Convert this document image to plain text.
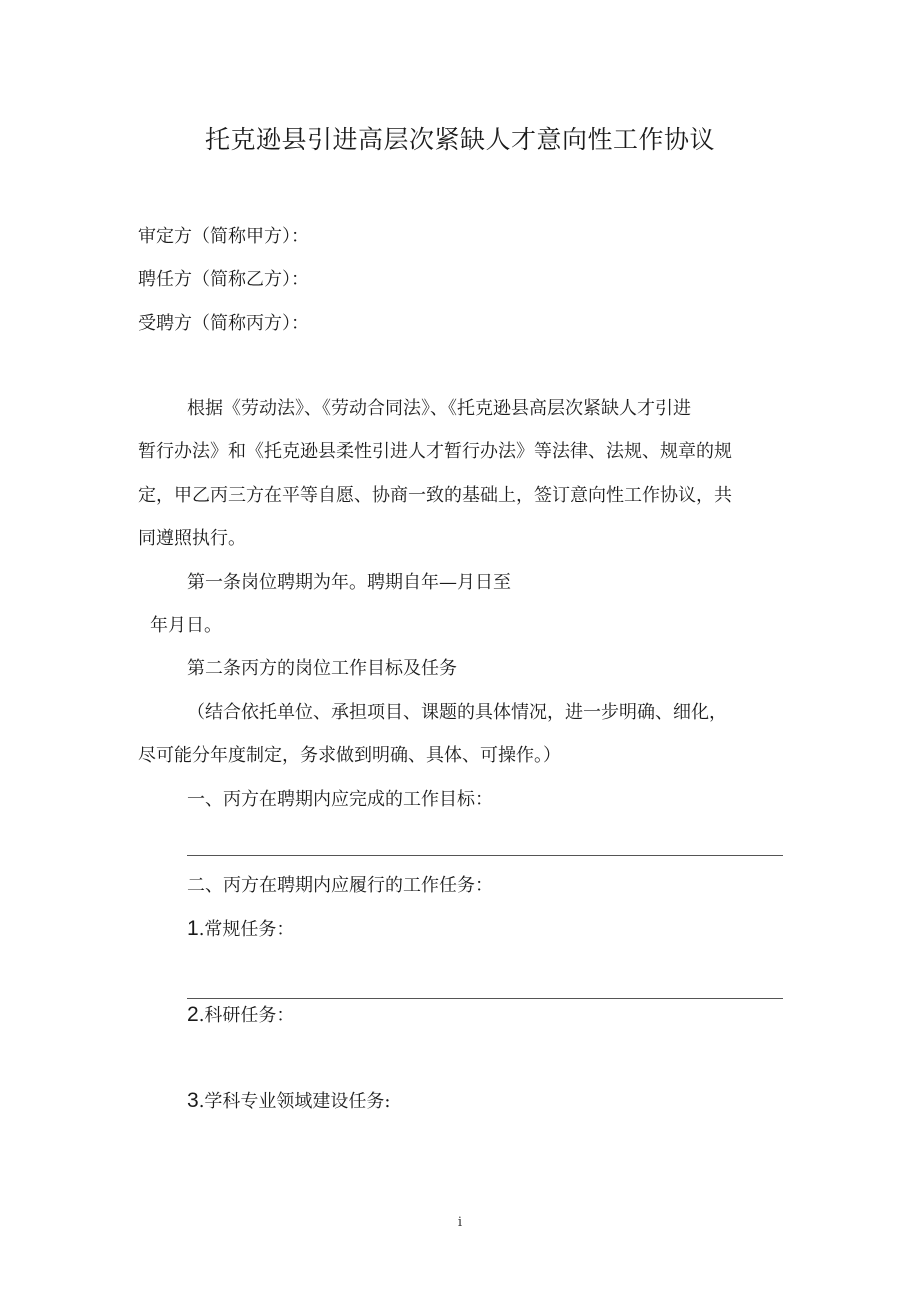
托克逊县引进高层次紧缺人才意向性工作协议
审定方（简称甲方）：
聘任方（简称乙方）：
受聘方（简称丙方）：
根据《劳动法》、《劳动合同法》、《托克逊县高层次紧缺人才引进
暂行办法》和《托克逊县柔性引进人才暂行办法》等法律、法规、规章的规
定，甲乙丙三方在平等自愿、协商一致的基础上，签订意向性工作协议，共
同遵照执行。
第一条岗位聘期为年。聘期自年—月日至
年月日。
第二条丙方的岗位工作目标及任务
（结合依托单位、承担项目、课题的具体情况，进一步明确、细化，
尽可能分年度制定，务求做到明确、具体、可操作。）
一、丙方在聘期内应完成的工作目标：
二、丙方在聘期内应履行的工作任务：
1.常规任务：
2.科研任务：
3.学科专业领域建设任务:
i
